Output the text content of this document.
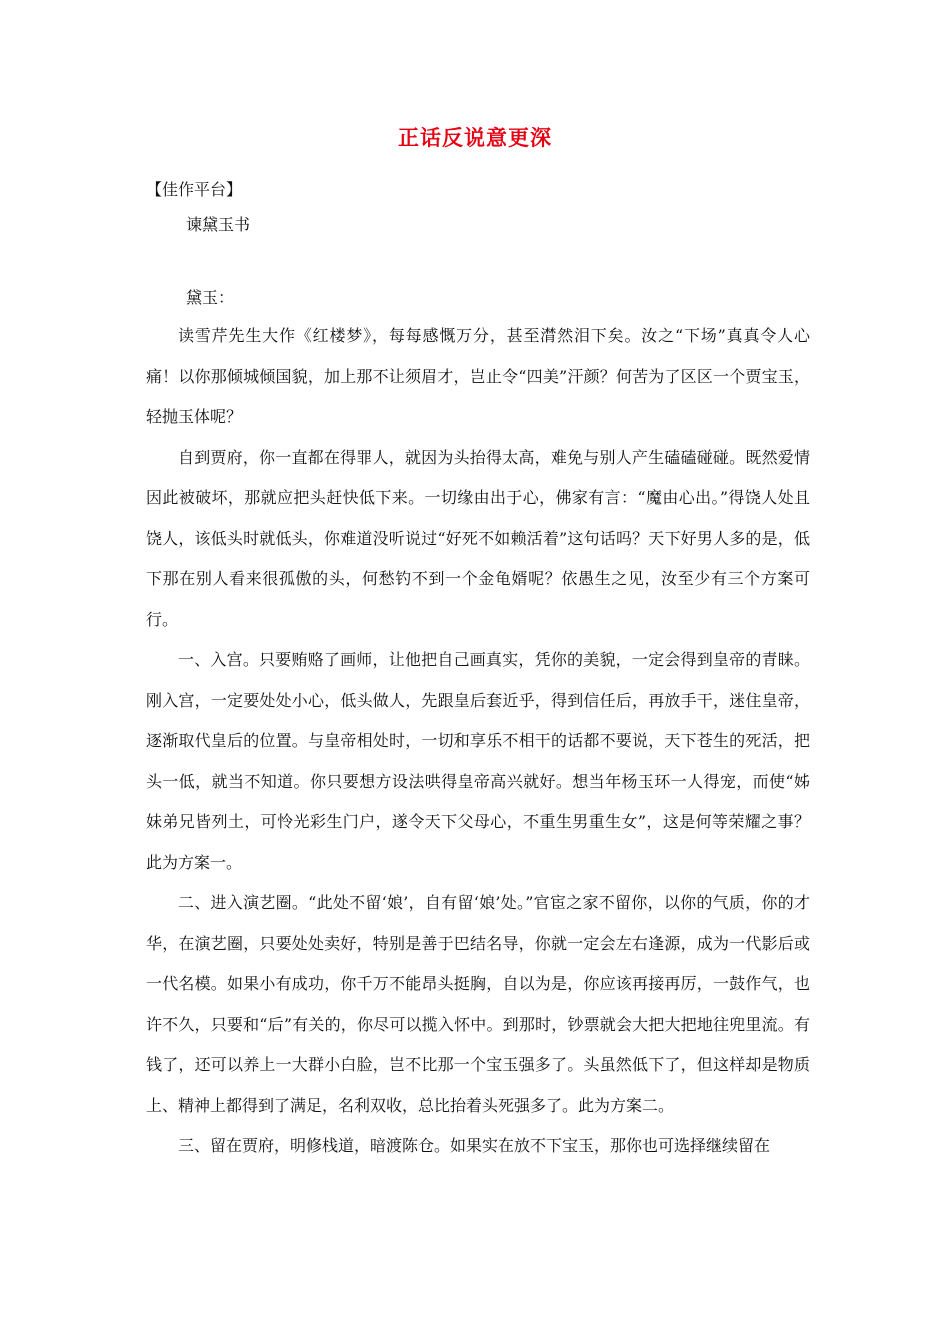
正话反说意更深
【佳作平台】
谏黛玉书
黛玉：

读雪芹先生大作《红楼梦》，每每感慨万分，甚至潸然泪下矣。汝之“下场”真真令人心痛！以你那倾城倾国貌，加上那不让须眉才，岂止令“四美”汗颜？何苦为了区区一个贾宝玉，轻抛玉体呢？

自到贾府，你一直都在得罪人，就因为头抬得太高，难免与别人产生磕磕碰碰。既然爱情因此被破坏，那就应把头赶快低下来。一切缘由出于心，佛家有言：“魔由心出。”得饶人处且饶人，该低头时就低头，你难道没听说过“好死不如赖活着”这句话吗？天下好男人多的是，低下那在别人看来很孤傲的头，何愁钓不到一个金龟婿呢？依愚生之见，汝至少有三个方案可行。

一、入宫。只要贿赂了画师，让他把自己画真实，凭你的美貌，一定会得到皇帝的青睐。刚入宫，一定要处处小心，低头做人，先跟皇后套近乎，得到信任后，再放手干，迷住皇帝，逐渐取代皇后的位置。与皇帝相处时，一切和享乐不相干的话都不要说，天下苍生的死活，把头一低，就当不知道。你只要想方设法哄得皇帝高兴就好。想当年杨玉环一人得宠，而使“姊妹弟兄皆列土，可怜光彩生门户，遂令天下父母心，不重生男重生女”，这是何等荣耀之事？此为方案一。

二、进入演艺圈。“此处不留‘娘’，自有留‘娘’处。”官宦之家不留你，以你的气质，你的才华，在演艺圈，只要处处卖好，特别是善于巴结名导，你就一定会左右逢源，成为一代影后或一代名模。如果小有成功，你千万不能昂头挺胸，自以为是，你应该再接再厉，一鼓作气，也许不久，只要和“后”有关的，你尽可以揽入怀中。到那时，钞票就会大把大把地往兜里流。有钱了，还可以养上一大群小白脸，岂不比那一个宝玉强多了。头虽然低下了，但这样却是物质上、精神上都得到了满足，名利双收，总比抬着头死强多了。此为方案二。

三、留在贾府，明修栈道，暗渡陈仓。如果实在放不下宝玉，那你也可选择继续留在
